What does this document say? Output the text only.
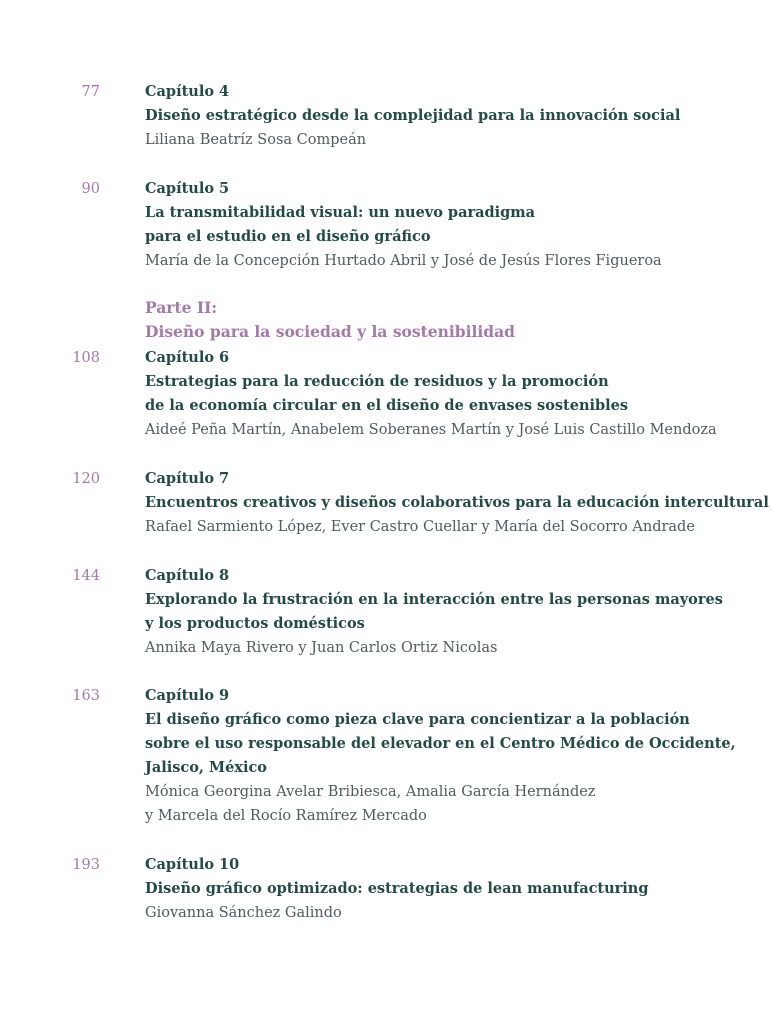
77	Capítulo 4
Diseño estratégico desde la complejidad para la innovación social
Liliana Beatríz Sosa Compeán
90	Capítulo 5
La transmitabilidad visual: un nuevo paradigma
para el estudio en el diseño gráfico
María de la Concepción Hurtado Abril y José de Jesús Flores Figueroa
Parte II:
Diseño para la sociedad y la sostenibilidad
108	Capítulo 6
Estrategias para la reducción de residuos y la promoción
de la economía circular en el diseño de envases sostenibles
Aideé Peña Martín, Anabelem Soberanes Martín y José Luis Castillo Mendoza
120	Capítulo 7
Encuentros creativos y diseños colaborativos para la educación intercultural
Rafael Sarmiento López, Ever Castro Cuellar y María del Socorro Andrade
144	Capítulo 8
Explorando la frustración en la interacción entre las personas mayores
y los productos domésticos
Annika Maya Rivero y Juan Carlos Ortiz Nicolas
163	Capítulo 9
El diseño gráfico como pieza clave para concientizar a la población
sobre el uso responsable del elevador en el Centro Médico de Occidente,
Jalisco, México
Mónica Georgina Avelar Bribiesca, Amalia García Hernández
y Marcela del Rocío Ramírez Mercado
193	Capítulo 10
Diseño gráfico optimizado: estrategias de lean manufacturing
Giovanna Sánchez Galindo
